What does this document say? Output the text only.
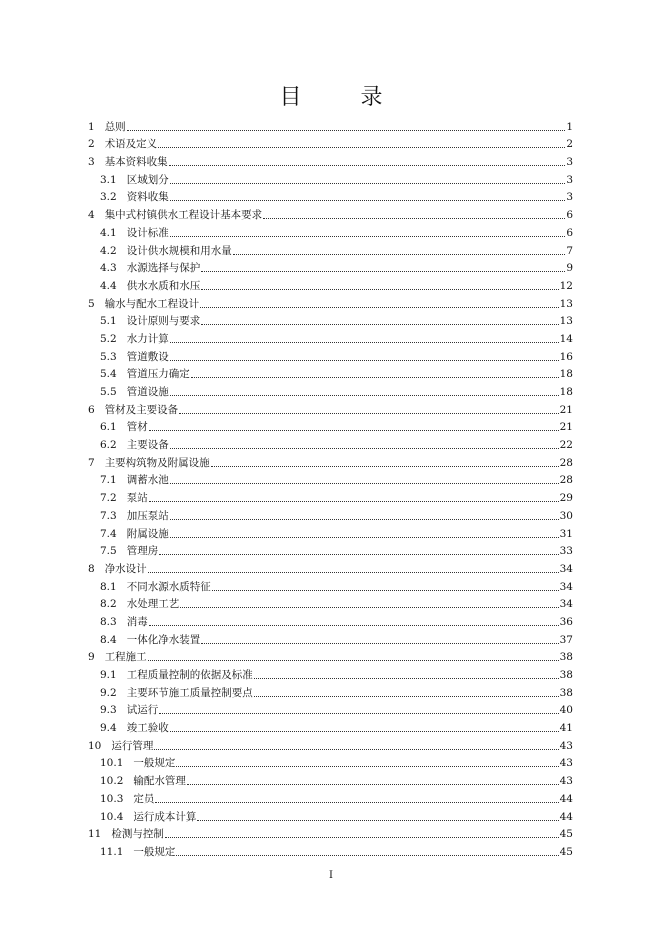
目 录
1 总则	1
2 术语及定义	2
3 基本资料收集	3
3.1 区域划分	3
3.2 资料收集	3
4 集中式村镇供水工程设计基本要求	6
4.1 设计标准	6
4.2 设计供水规模和用水量	7
4.3 水源选择与保护	9
4.4 供水水质和水压	12
5 输水与配水工程设计	13
5.1 设计原则与要求	13
5.2 水力计算	14
5.3 管道敷设	16
5.4 管道压力确定	18
5.5 管道设施	18
6 管材及主要设备	21
6.1 管材	21
6.2 主要设备	22
7 主要构筑物及附属设施	28
7.1 调蓄水池	28
7.2 泵站	29
7.3 加压泵站	30
7.4 附属设施	31
7.5 管理房	33
8 净水设计	34
8.1 不同水源水质特征	34
8.2 水处理工艺	34
8.3 消毒	36
8.4 一体化净水装置	37
9 工程施工	38
9.1 工程质量控制的依据及标准	38
9.2 主要环节施工质量控制要点	38
9.3 试运行	40
9.4 竣工验收	41
10 运行管理	43
10.1 一般规定	43
10.2 输配水管理	43
10.3 定员	44
10.4 运行成本计算	44
11 检测与控制	45
11.1 一般规定	45
I
